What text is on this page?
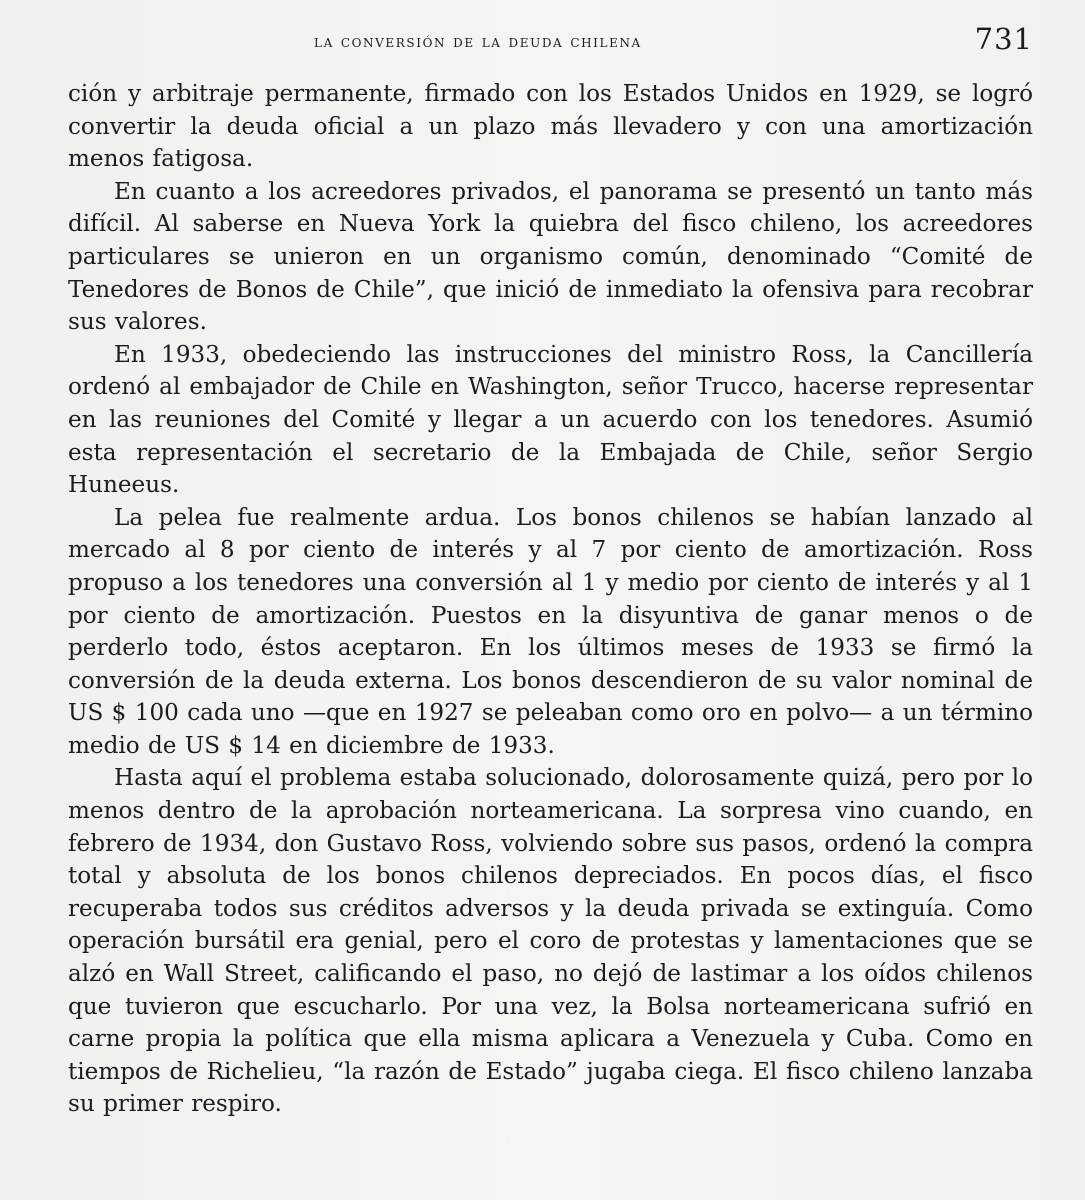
la conversión de la deuda chilena	731

ción y arbitraje permanente, firmado con los Estados Unidos en 1929, se logró convertir la deuda oficial a un plazo más llevadero y con una amortización menos fatigosa.

En cuanto a los acreedores privados, el panorama se presentó un tanto más difícil. Al saberse en Nueva York la quiebra del fisco chileno, los acreedores particulares se unieron en un organismo común, denominado “Comité de Tenedores de Bonos de Chile”, que inició de inmediato la ofensiva para recobrar sus valores.

En 1933, obedeciendo las instrucciones del ministro Ross, la Cancillería ordenó al embajador de Chile en Washington, señor Trucco, hacerse representar en las reuniones del Comité y llegar a un acuerdo con los tenedores. Asumió esta representación el secretario de la Embajada de Chile, señor Sergio Huneeus.

La pelea fue realmente ardua. Los bonos chilenos se habían lanzado al mercado al 8 por ciento de interés y al 7 por ciento de amortización. Ross propuso a los tenedores una conversión al 1 y medio por ciento de interés y al 1 por ciento de amortización. Puestos en la disyuntiva de ganar menos o de perderlo todo, éstos aceptaron. En los últimos meses de 1933 se firmó la conversión de la deuda externa. Los bonos descendieron de su valor nominal de US $ 100 cada uno —que en 1927 se peleaban como oro en polvo— a un término medio de US $ 14 en diciembre de 1933.

Hasta aquí el problema estaba solucionado, dolorosamente quizá, pero por lo menos dentro de la aprobación norteamericana. La sorpresa vino cuando, en febrero de 1934, don Gustavo Ross, volviendo sobre sus pasos, ordenó la compra total y absoluta de los bonos chilenos depreciados. En pocos días, el fisco recuperaba todos sus créditos adversos y la deuda privada se extinguía. Como operación bursátil era genial, pero el coro de protestas y lamentaciones que se alzó en Wall Street, calificando el paso, no dejó de lastimar a los oídos chilenos que tuvieron que escucharlo. Por una vez, la Bolsa norteamericana sufrió en carne propia la política que ella misma aplicara a Venezuela y Cuba. Como en tiempos de Richelieu, “la razón de Estado” jugaba ciega. El fisco chileno lanzaba su primer respiro.
